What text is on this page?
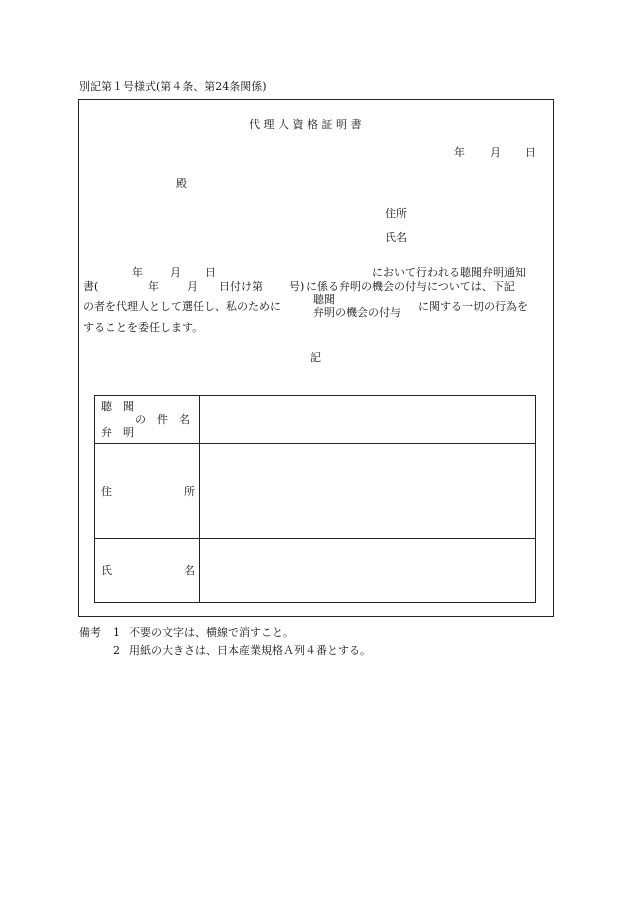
別記第１号様式(第４条、第24条関係)
代 理 人 資 格 証 明 書
年 月 日
殿
住所
氏名
年 月 日	において行われる聴聞弁明通知
書(	年	月 日付け第 号) に係る弁明の機会の付与については、下記
の者を代理人として選任し、私のために
聴聞
弁明の機会の付与 に関する一切の行為を
することを委任します。
記
聴　聞
の　件　名
弁　明
住	所
氏	名
備考 1 不要の文字は、横線で消すこと。
2 用紙の大きさは、日本産業規格Ａ列４番とする。
